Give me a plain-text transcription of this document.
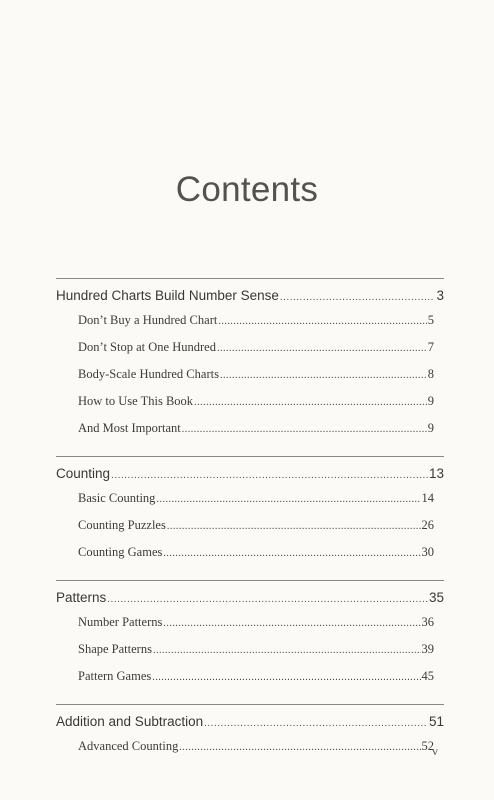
Contents
Hundred Charts Build Number Sense .....	3
Don’t Buy a Hundred Chart .....	5
Don’t Stop at One Hundred .....	7
Body-Scale Hundred Charts .....	8
How to Use This Book .....	9
And Most Important .....	9
Counting .....	13
Basic Counting .....	14
Counting Puzzles .....	26
Counting Games .....	30
Patterns .....	35
Number Patterns .....	36
Shape Patterns .....	39
Pattern Games .....	45
Addition and Subtraction .....	51
Advanced Counting .....	52
v
